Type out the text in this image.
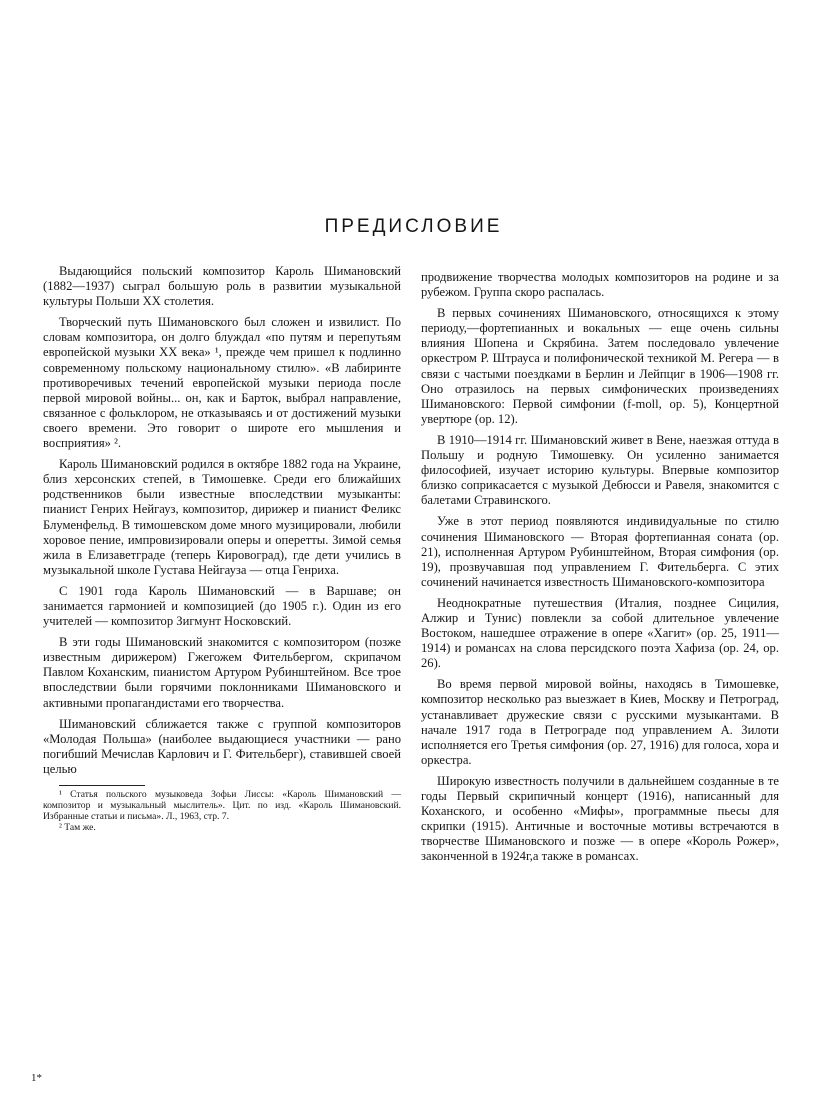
ПРЕДИСЛОВИЕ

Выдающийся польский композитор Кароль Шимановский (1882—1937) сыграл большую роль в развитии музыкальной культуры Польши XX столетия.

Творческий путь Шимановского был сложен и извилист. По словам композитора, он долго блуждал «по путям и перепутьям европейской музыки XX века» ¹, прежде чем пришел к подлинно современному польскому национальному стилю». «В лабиринте противоречивых течений европейской музыки периода после первой мировой войны... он, как и Барток, выбрал направление, связанное с фольклором, не отказываясь и от достижений музыки своего времени. Это говорит о широте его мышления и восприятия» ².

Кароль Шимановский родился в октябре 1882 года на Украине, близ херсонских степей, в Тимошевке. Среди его ближайших родственников были известные впоследствии музыканты: пианист Генрих Нейгауз, композитор, дирижер и пианист Феликс Блуменфельд. В тимошевском доме много музицировали, любили хоровое пение, импровизировали оперы и оперетты. Зимой семья жила в Елизаветграде (теперь Кировоград), где дети учились в музыкальной школе Густава Нейгауза — отца Генриха.

С 1901 года Кароль Шимановский — в Варшаве; он занимается гармонией и композицией (до 1905 г.). Один из его учителей — композитор Зигмунт Носковский.

В эти годы Шимановский знакомится с композитором (позже известным дирижером) Гжегожем Фительбергом, скрипачом Павлом Коханским, пианистом Артуром Рубинштейном. Все трое впоследствии были горячими поклонниками Шимановского и активными пропагандистами его творчества.

Шимановский сближается также с группой композиторов «Молодая Польша» (наиболее выдающиеся участники — рано погибший Мечислав Карлович и Г. Фительберг), ставившей своей целью

¹ Статья польского музыковеда Зофьи Лиссы: «Кароль Шимановский — композитор и музыкальный мыслитель». Цит. по изд. «Кароль Шимановский. Избранные статьи и письма». Л., 1963, стр. 7.

² Там же.

продвижение творчества молодых композиторов на родине и за рубежом. Группа скоро распалась.

В первых сочинениях Шимановского, относящихся к этому периоду,—фортепианных и вокальных — еще очень сильны влияния Шопена и Скрябина. Затем последовало увлечение оркестром Р. Штрауса и полифонической техникой М. Регера — в связи с частыми поездками в Берлин и Лейпциг в 1906—1908 гг. Оно отразилось на первых симфонических произведениях Шимановского: Первой симфонии (f-moll, ор. 5), Концертной увертюре (ор. 12).

В 1910—1914 гг. Шимановский живет в Вене, наезжая оттуда в Польшу и родную Тимошевку. Он усиленно занимается философией, изучает историю культуры. Впервые композитор близко соприкасается с музыкой Дебюсси и Равеля, знакомится с балетами Стравинского.

Уже в этот период появляются индивидуальные по стилю сочинения Шимановского — Вторая фортепианная соната (ор. 21), исполненная Артуром Рубинштейном, Вторая симфония (ор. 19), прозвучавшая под управлением Г. Фительберга. С этих сочинений начинается известность Шимановского-композитора

Неоднократные путешествия (Италия, позднее Сицилия, Алжир и Тунис) повлекли за собой длительное увлечение Востоком, нашедшее отражение в опере «Хагит» (ор. 25, 1911—1914) и романсах на слова персидского поэта Хафиза (ор. 24, ор. 26).

Во время первой мировой войны, находясь в Тимошевке, композитор несколько раз выезжает в Киев, Москву и Петроград, устанавливает дружеские связи с русскими музыкантами. В начале 1917 года в Петрограде под управлением А. Зилоти исполняется его Третья симфония (ор. 27, 1916) для голоса, хора и оркестра.

Широкую известность получили в дальнейшем созданные в те годы Первый скрипичный концерт (1916), написанный для Коханского, и особенно «Мифы», программные пьесы для скрипки (1915). Античные и восточные мотивы встречаются в творчестве Шимановского и позже — в опере «Король Рожер», законченной в 1924г,а также в романсах.

1*
